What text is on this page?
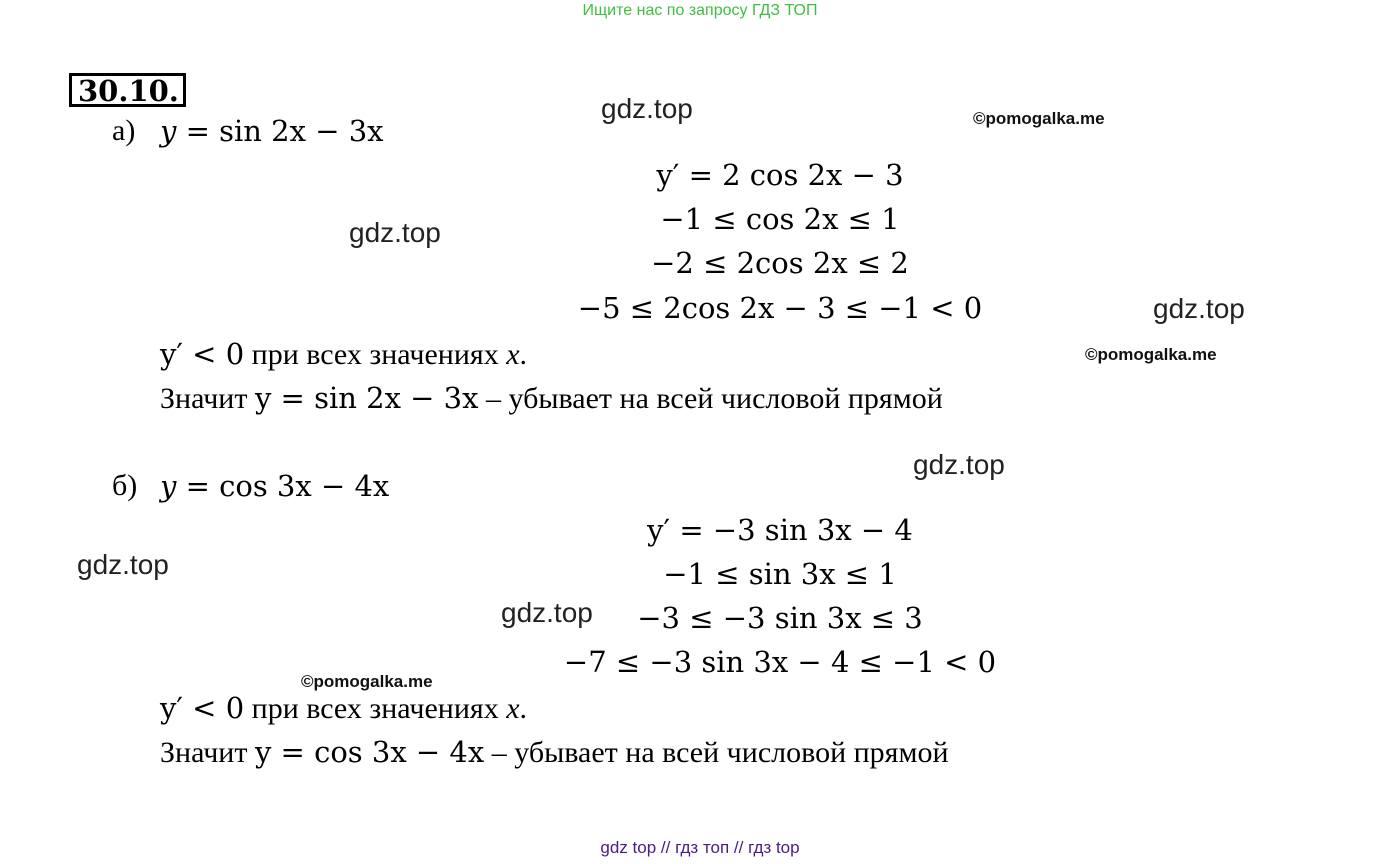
Ищите нас по запросу ГДЗ ТОП
30.10.
а) y = sin 2x − 3x
y′ = 2 cos 2x − 3
−1 ≤ cos 2x ≤ 1
−2 ≤ 2cos 2x ≤ 2
−5 ≤ 2cos 2x − 3 ≤ −1 < 0
y′ < 0 при всех значениях x.
Значит y = sin 2x − 3x – убывает на всей числовой прямой
б) y = cos 3x − 4x
y′ = −3 sin 3x − 4
−1 ≤ sin 3x ≤ 1
−3 ≤ −3 sin 3x ≤ 3
−7 ≤ −3 sin 3x − 4 ≤ −1 < 0
y′ < 0 при всех значениях x.
Значит y = cos 3x − 4x – убывает на всей числовой прямой
gdz.top
gdz.top
gdz.top
gdz.top
gdz.top
gdz.top
©pomogalka.me
©pomogalka.me
©pomogalka.me
gdz top // гдз топ // гдз top
